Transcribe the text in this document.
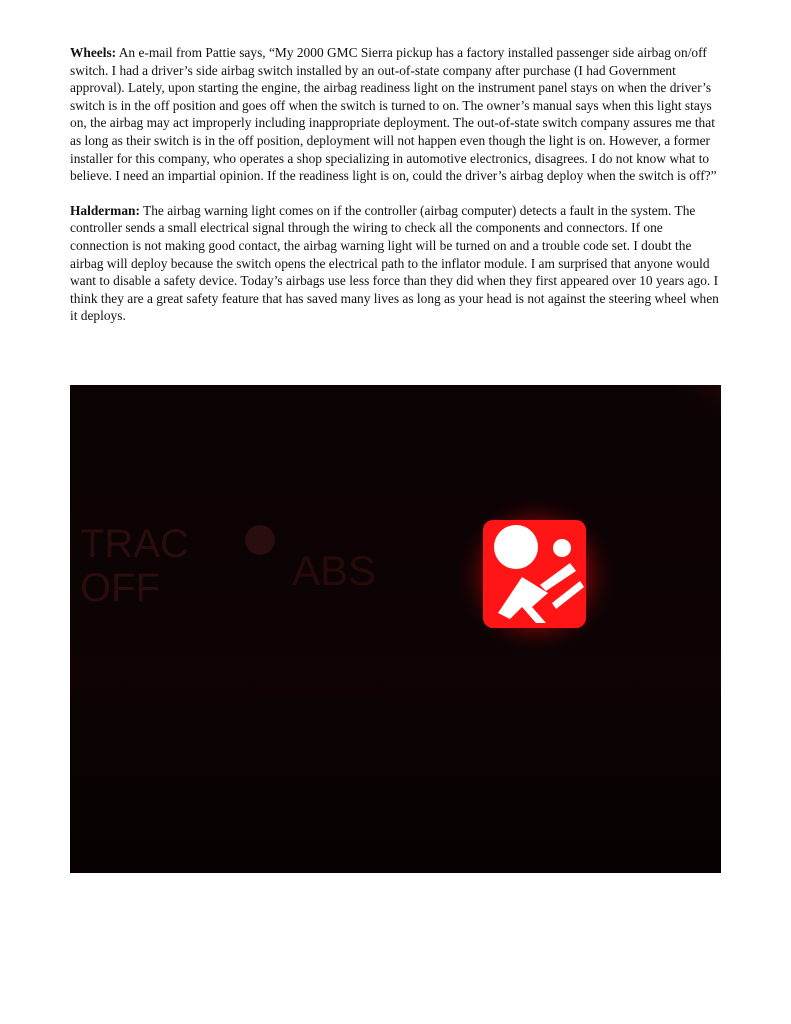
Wheels: An e-mail from Pattie says, “My 2000 GMC Sierra pickup has a factory installed passenger side airbag on/off switch. I had a driver’s side airbag switch installed by an out-of-state company after purchase (I had Government approval). Lately, upon starting the engine, the airbag readiness light on the instrument panel stays on when the driver’s switch is in the off position and goes off when the switch is turned to on. The owner’s manual says when this light stays on, the airbag may act improperly including inappropriate deployment. The out-of-state switch company assures me that as long as their switch is in the off position, deployment will not happen even though the light is on. However, a former installer for this company, who operates a shop specializing in automotive electronics, disagrees. I do not know what to believe. I need an impartial opinion. If the readiness light is on, could the driver’s airbag deploy when the switch is off?”

Halderman: The airbag warning light comes on if the controller (airbag computer) detects a fault in the system. The controller sends a small electrical signal through the wiring to check all the components and connectors. If one connection is not making good contact, the airbag warning light will be turned on and a trouble code set. I doubt the airbag will deploy because the switch opens the electrical path to the inflator module. I am surprised that anyone would want to disable a safety device. Today’s airbags use less force than they did when they first appeared over 10 years ago. I think they are a great safety feature that has saved many lives as long as your head is not against the steering wheel when it deploys.

TRAC
OFF	ABS
